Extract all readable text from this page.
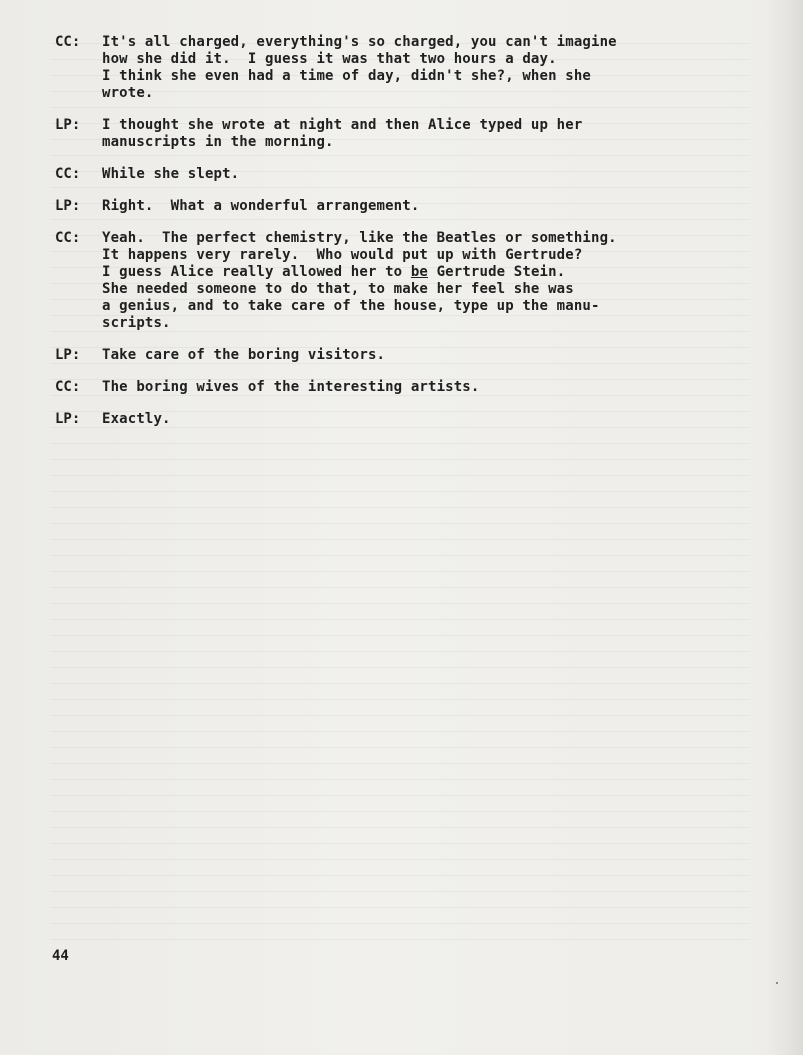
CC:	It's all charged, everything's so charged, you can't imagine
how she did it.  I guess it was that two hours a day.
I think she even had a time of day, didn't she?, when she
wrote.
LP:	I thought she wrote at night and then Alice typed up her
manuscripts in the morning.
CC:	While she slept.
LP:	Right.  What a wonderful arrangement.
CC:	Yeah.  The perfect chemistry, like the Beatles or something.
It happens very rarely.  Who would put up with Gertrude?
I guess Alice really allowed her to be Gertrude Stein.
She needed someone to do that, to make her feel she was
a genius, and to take care of the house, type up the manu-
scripts.
LP:	Take care of the boring visitors.
CC:	The boring wives of the interesting artists.
LP:	Exactly.
44
